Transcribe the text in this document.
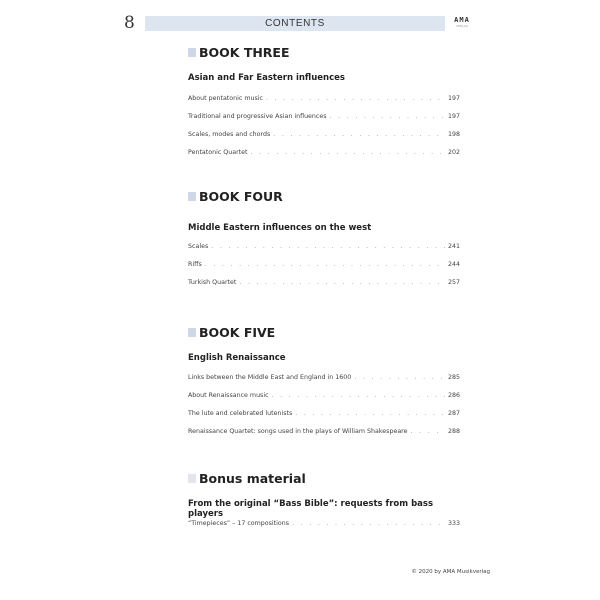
8	CONTENTS	AMA
VERLAG
BOOK THREE
Asian and Far Eastern influences
About pentatonic music . . .	197
Traditional and progressive Asian influences . . .	197
Scales, modes and chords . . .	198
Pentatonic Quartet . . .	202
BOOK FOUR
Middle Eastern influences on the west
Scales . . .	241
Riffs . . .	244
Turkish Quartet . . .	257
BOOK FIVE
English Renaissance
Links between the Middle East and England in 1600 . . .	285
About Renaissance music . . .	286
The lute and celebrated lutenists . . .	287
Renaissance Quartet: songs used in the plays of William Shakespeare . . .	288
Bonus material
From the original “Bass Bible”: requests from bass players
“Timepieces” – 17 compositions . . .	333
© 2020 by AMA Musikverlag
